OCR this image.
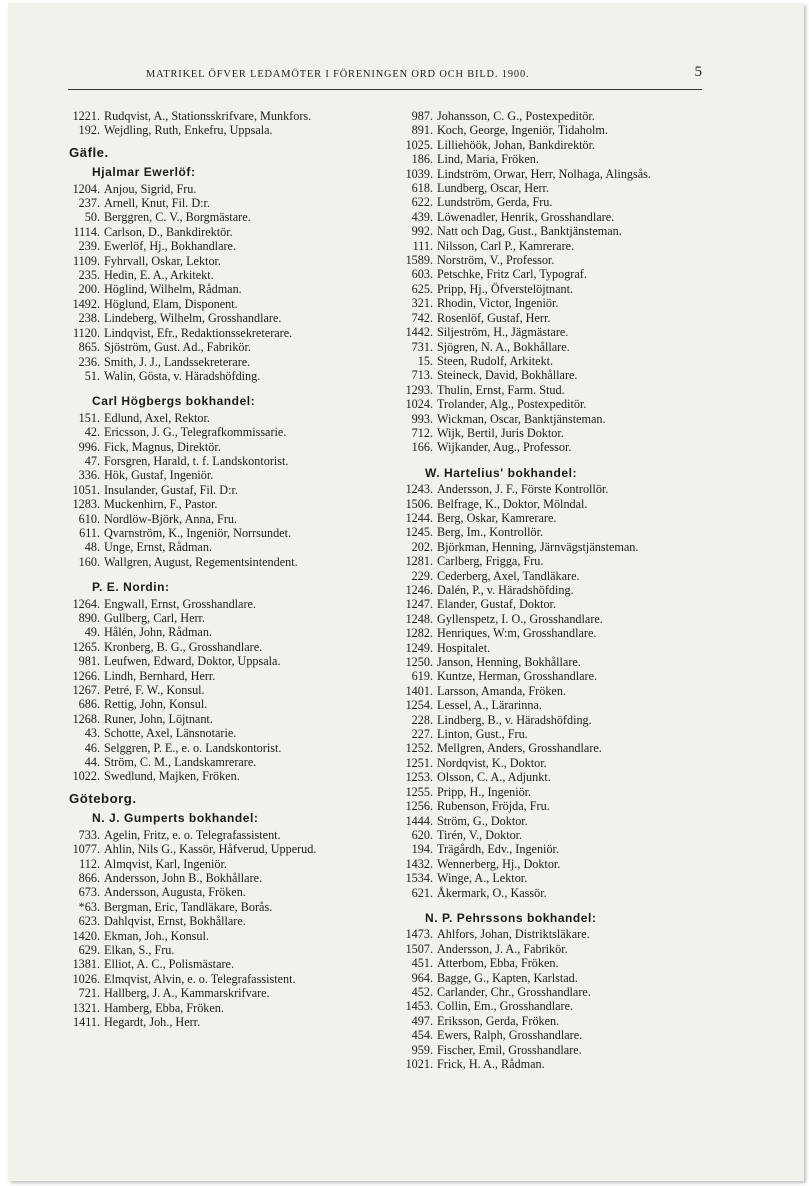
MATRIKEL ÖFVER LEDAMÖTER I FÖRENINGEN ORD OCH BILD. 1900.	5
1221. Rudqvist, A., Stationsskrifvare, Munkfors.
192. Wejdling, Ruth, Enkefru, Uppsala.
Gäfle.
Hjalmar Ewerlöf:
1204. Anjou, Sigrid, Fru.
237. Arnell, Knut, Fil. D:r.
50. Berggren, C. V., Borgmästare.
1114. Carlson, D., Bankdirektör.
239. Ewerlöf, Hj., Bokhandlare.
1109. Fyhrvall, Oskar, Lektor.
235. Hedin, E. A., Arkitekt.
200. Höglind, Wilhelm, Rådman.
1492. Höglund, Elam, Disponent.
238. Lindeberg, Wilhelm, Grosshandlare.
1120. Lindqvist, Efr., Redaktionssekreterare.
865. Sjöström, Gust. Ad., Fabrikör.
236. Smith, J. J., Landssekreterare.
51. Walin, Gösta, v. Häradshöfding.
Carl Högbergs bokhandel:
151. Edlund, Axel, Rektor.
42. Ericsson, J. G., Telegrafkommissarie.
996. Fick, Magnus, Direktör.
47. Forsgren, Harald, t. f. Landskontorist.
336. Hök, Gustaf, Ingeniör.
1051. Insulander, Gustaf, Fil. D:r.
1283. Muckenhirn, F., Pastor.
610. Nordlöw-Björk, Anna, Fru.
611. Qvarnström, K., Ingeniör, Norrsundet.
48. Unge, Ernst, Rådman.
160. Wallgren, August, Regementsintendent.
P. E. Nordin:
1264. Engwall, Ernst, Grosshandlare.
890. Gullberg, Carl, Herr.
49. Hålén, John, Rådman.
1265. Kronberg, B. G., Grosshandlare.
981. Leufwen, Edward, Doktor, Uppsala.
1266. Lindh, Bernhard, Herr.
1267. Petré, F. W., Konsul.
686. Rettig, John, Konsul.
1268. Runer, John, Löjtnant.
43. Schotte, Axel, Länsnotarie.
46. Selggren, P. E., e. o. Landskontorist.
44. Ström, C. M., Landskamrerare.
1022. Swedlund, Majken, Fröken.
Göteborg.
N. J. Gumperts bokhandel:
733. Agelin, Fritz, e. o. Telegrafassistent.
1077. Ahlin, Nils G., Kassör, Håfverud, Upperud.
112. Almqvist, Karl, Ingeniör.
866. Andersson, John B., Bokhållare.
673. Andersson, Augusta, Fröken.
*63. Bergman, Eric, Tandläkare, Borås.
623. Dahlqvist, Ernst, Bokhållare.
1420. Ekman, Joh., Konsul.
629. Elkan, S., Fru.
1381. Elliot, A. C., Polismästare.
1026. Elmqvist, Alvin, e. o. Telegrafassistent.
721. Hallberg, J. A., Kammarskrifvare.
1321. Hamberg, Ebba, Fröken.
1411. Hegardt, Joh., Herr.
987. Johansson, C. G., Postexpeditör.
891. Koch, George, Ingeniör, Tidaholm.
1025. Lilliehöök, Johan, Bankdirektör.
186. Lind, Maria, Fröken.
1039. Lindström, Orwar, Herr, Nolhaga, Alingsås.
618. Lundberg, Oscar, Herr.
622. Lundström, Gerda, Fru.
439. Löwenadler, Henrik, Grosshandlare.
992. Natt och Dag, Gust., Banktjänsteman.
111. Nilsson, Carl P., Kamrerare.
1589. Norström, V., Professor.
603. Petschke, Fritz Carl, Typograf.
625. Pripp, Hj., Öfverstelöjtnant.
321. Rhodin, Victor, Ingeniör.
742. Rosenlöf, Gustaf, Herr.
1442. Siljeström, H., Jägmästare.
731. Sjögren, N. A., Bokhållare.
15. Steen, Rudolf, Arkitekt.
713. Steineck, David, Bokhållare.
1293. Thulin, Ernst, Farm. Stud.
1024. Trolander, Alg., Postexpeditör.
993. Wickman, Oscar, Banktjänsteman.
712. Wijk, Bertil, Juris Doktor.
166. Wijkander, Aug., Professor.
W. Hartelius' bokhandel:
1243. Andersson, J. F., Förste Kontrollör.
1506. Belfrage, K., Doktor, Mölndal.
1244. Berg, Oskar, Kamrerare.
1245. Berg, Im., Kontrollör.
202. Björkman, Henning, Järnvägstjänsteman.
1281. Carlberg, Frigga, Fru.
229. Cederberg, Axel, Tandläkare.
1246. Dalén, P., v. Häradshöfding.
1247. Elander, Gustaf, Doktor.
1248. Gyllenspetz, I. O., Grosshandlare.
1282. Henriques, W:m, Grosshandlare.
1249. Hospitalet.
1250. Janson, Henning, Bokhållare.
619. Kuntze, Herman, Grosshandlare.
1401. Larsson, Amanda, Fröken.
1254. Lessel, A., Lärarinna.
228. Lindberg, B., v. Häradshöfding.
227. Linton, Gust., Fru.
1252. Mellgren, Anders, Grosshandlare.
1251. Nordqvist, K., Doktor.
1253. Olsson, C. A., Adjunkt.
1255. Pripp, H., Ingeniör.
1256. Rubenson, Fröjda, Fru.
1444. Ström, G., Doktor.
620. Tirén, V., Doktor.
194. Trägårdh, Edv., Ingeniör.
1432. Wennerberg, Hj., Doktor.
1534. Winge, A., Lektor.
621. Åkermark, O., Kassör.
N. P. Pehrssons bokhandel:
1473. Ahlfors, Johan, Distriktsläkare.
1507. Andersson, J. A., Fabrikör.
451. Atterbom, Ebba, Fröken.
964. Bagge, G., Kapten, Karlstad.
452. Carlander, Chr., Grosshandlare.
1453. Collin, Em., Grosshandlare.
497. Eriksson, Gerda, Fröken.
454. Ewers, Ralph, Grosshandlare.
959. Fischer, Emil, Grosshandlare.
1021. Frick, H. A., Rådman.
